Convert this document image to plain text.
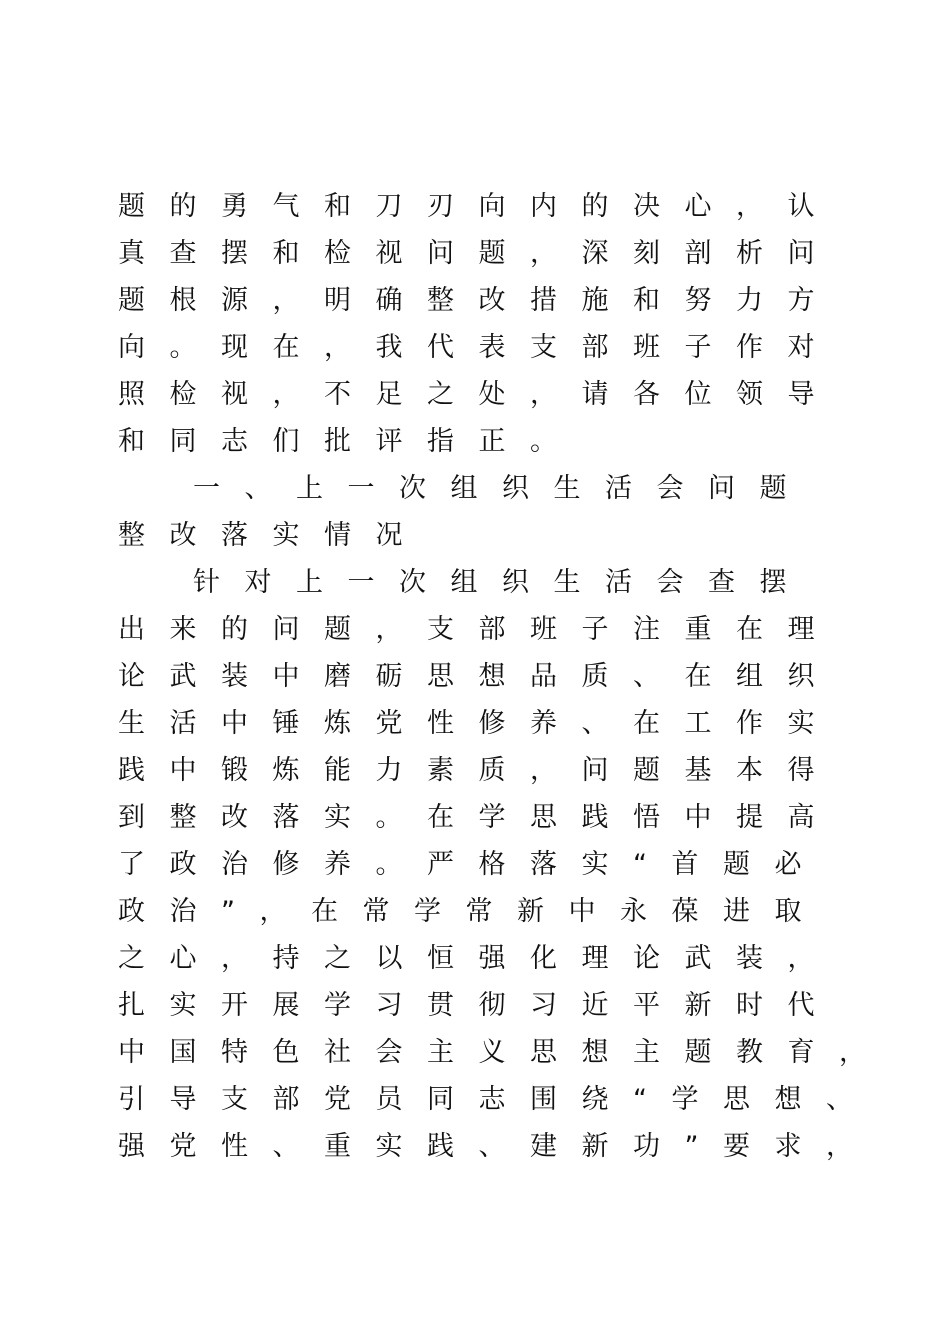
题的勇气和刀刃向内的决心，认
真查摆和检视问题，深刻剖析问
题根源，明确整改措施和努力方
向。现在，我代表支部班子作对
照检视，不足之处，请各位领导
和同志们批评指正。
一、上一次组织生活会问题
整改落实情况
针对上一次组织生活会查摆
出来的问题，支部班子注重在理
论武装中磨砺思想品质、在组织
生活中锤炼党性修养、在工作实
践中锻炼能力素质，问题基本得
到整改落实。在学思践悟中提高
了政治修养。严格落实“首题必
政治”，在常学常新中永葆进取
之心，持之以恒强化理论武装，
扎实开展学习贯彻习近平新时代
中国特色社会主义思想主题教育，
引导支部党员同志围绕“学思想、
强党性、重实践、建新功”要求，
